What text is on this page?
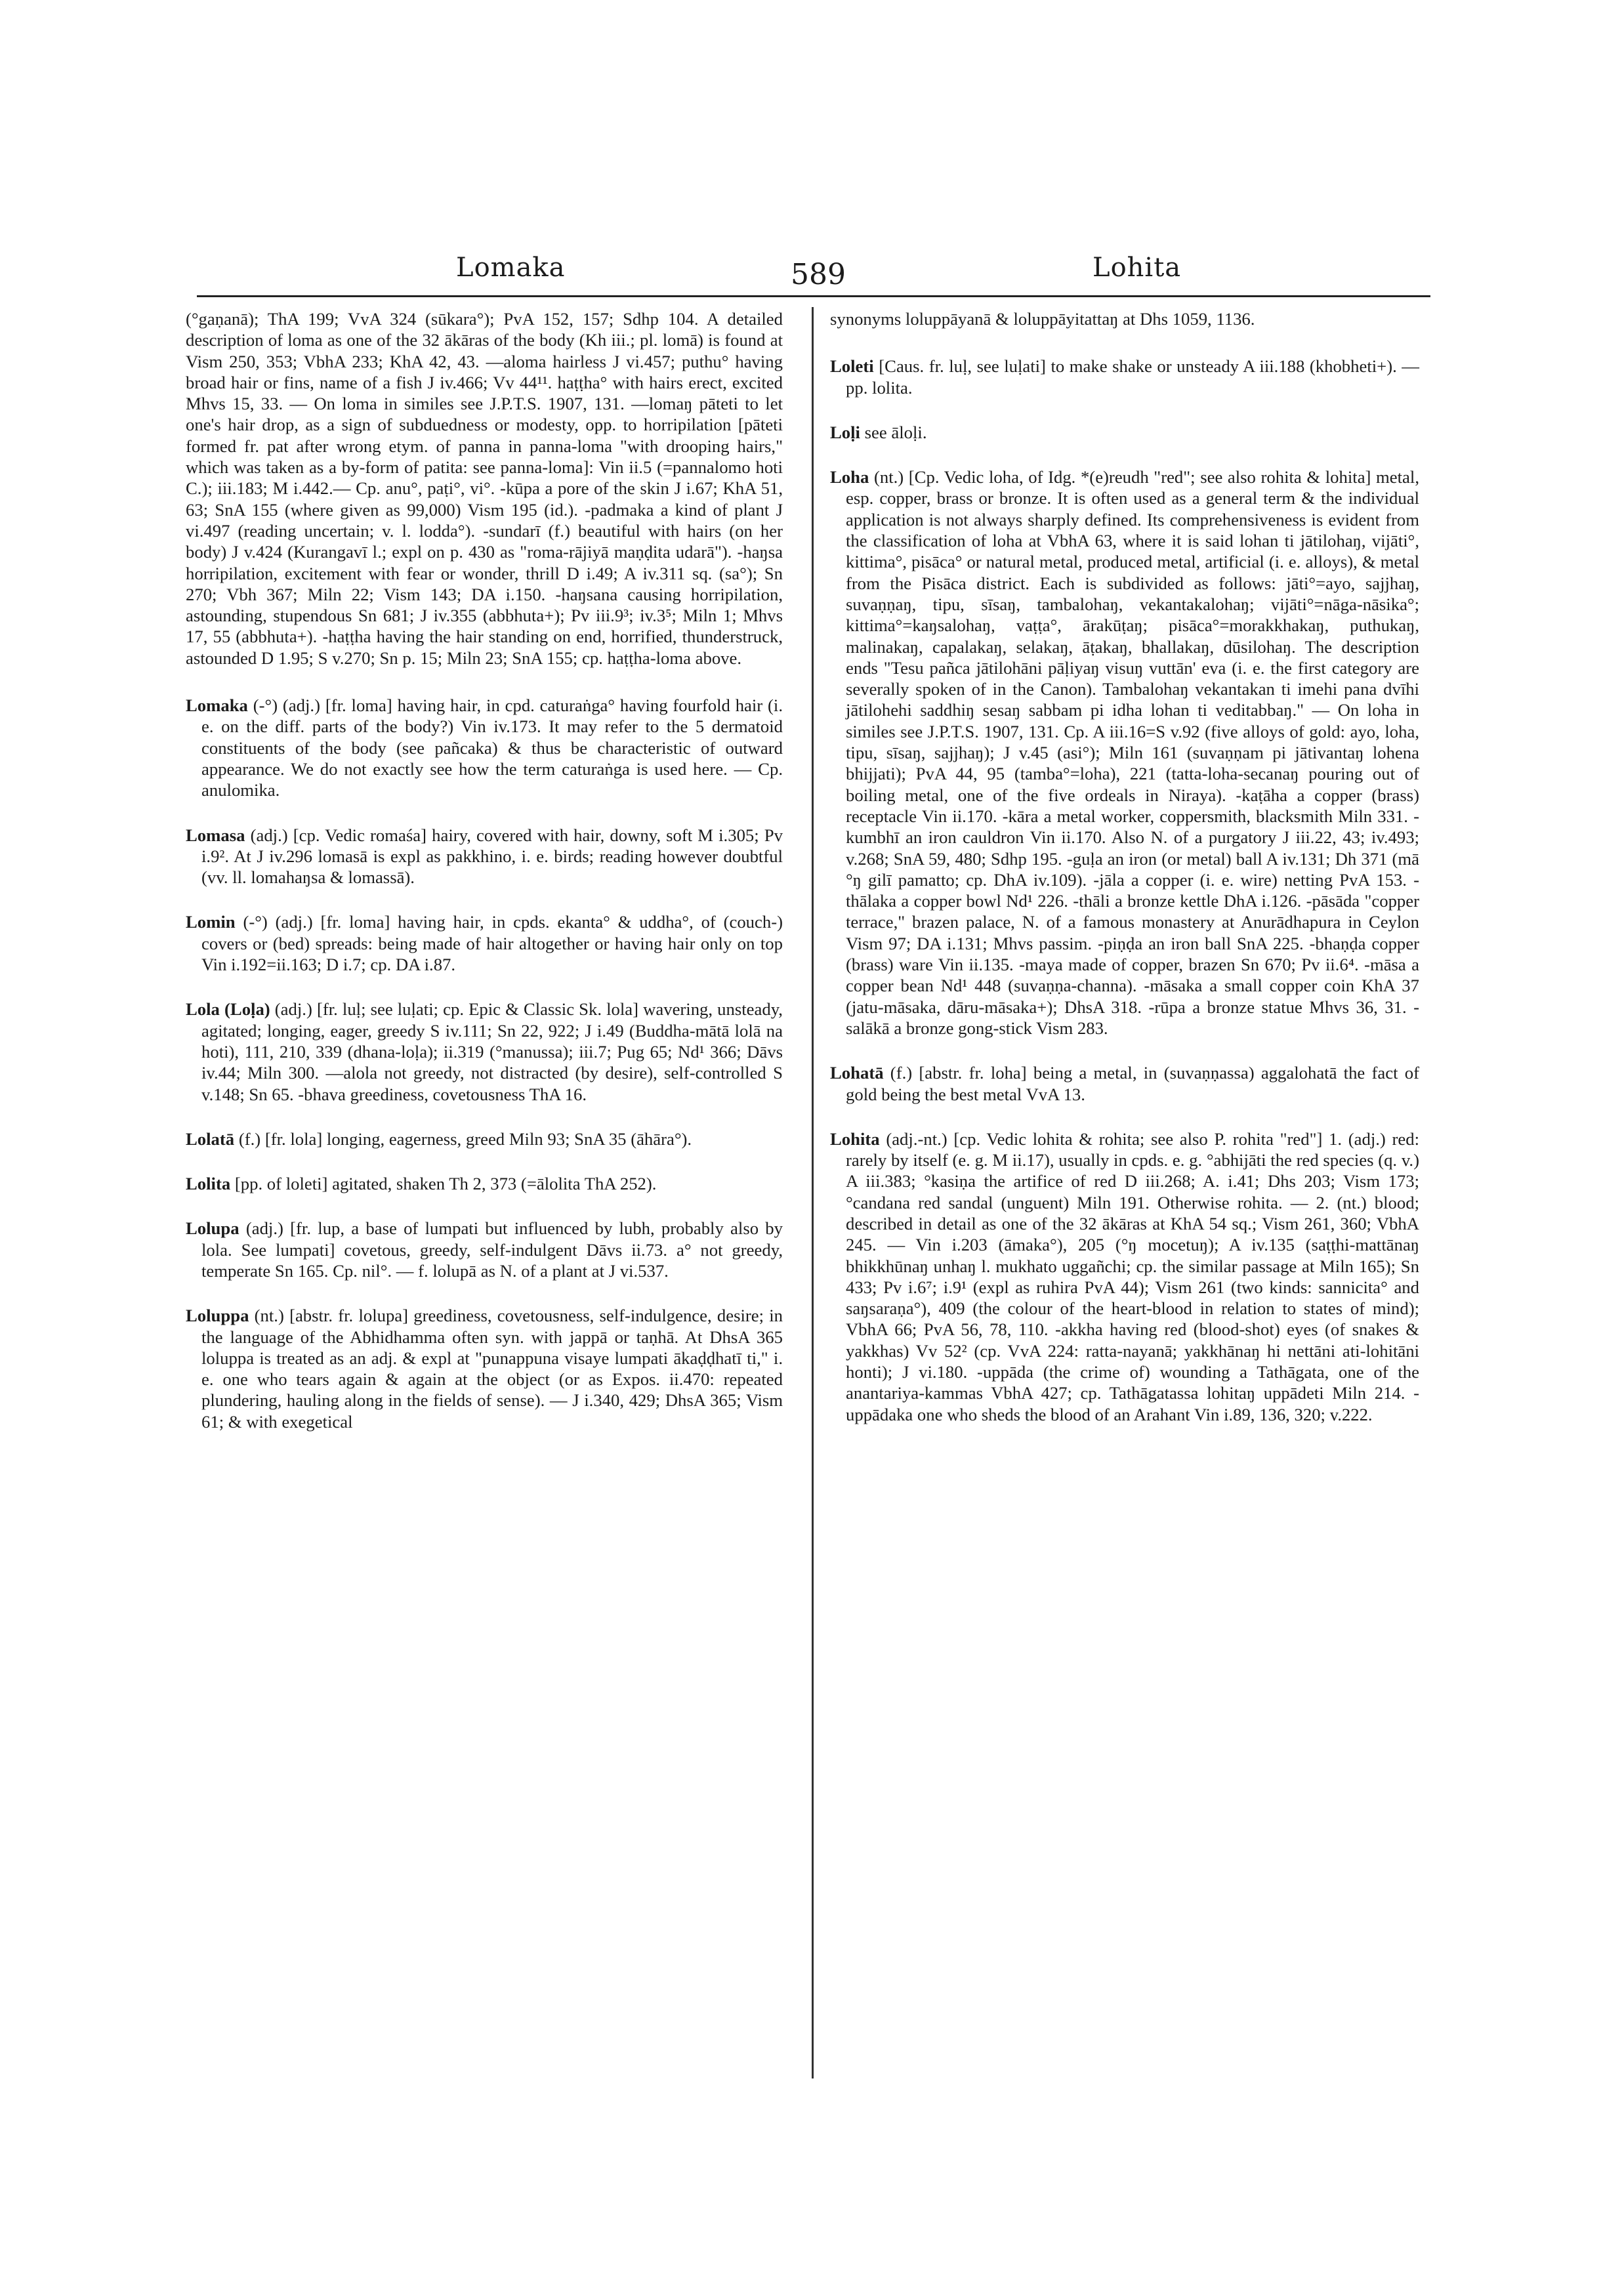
Lomaka	589	Lohita

(°gaṇanā); ThA 199; VvA 324 (sūkara°); PvA 152, 157; Sdhp 104. A detailed description of loma as one of the 32 ākāras of the body (Kh iii.; pl. lomā) is found at Vism 250, 353; VbhA 233; KhA 42, 43. —aloma hairless J vi.457; puthu° having broad hair or fins, name of a fish J iv.466; Vv 44¹¹. haṭṭha° with hairs erect, excited Mhvs 15, 33. — On loma in similes see J.P.T.S. 1907, 131. —lomaŋ pāteti to let one's hair drop, as a sign of subduedness or modesty, opp. to horripilation [pāteti formed fr. pat after wrong etym. of panna in panna-loma "with drooping hairs," which was taken as a by-form of patita: see panna-loma]: Vin ii.5 (=pannalomo hoti C.); iii.183; M i.442.— Cp. anu°, paṭi°, vi°. -kūpa a pore of the skin J i.67; KhA 51, 63; SnA 155 (where given as 99,000) Vism 195 (id.). -padmaka a kind of plant J vi.497 (reading uncertain; v. l. lodda°). -sundarī (f.) beautiful with hairs (on her body) J v.424 (Kurangavī l.; expl on p. 430 as "roma-rājiyā maṇḍita udarā"). -haŋsa horripilation, excitement with fear or wonder, thrill D i.49; A iv.311 sq. (sa°); Sn 270; Vbh 367; Miln 22; Vism 143; DA i.150. -haŋsana causing horripilation, astounding, stupendous Sn 681; J iv.355 (abbhuta+); Pv iii.9³; iv.3⁵; Miln 1; Mhvs 17, 55 (abbhuta+). -haṭṭha having the hair standing on end, horrified, thunderstruck, astounded D 1.95; S v.270; Sn p. 15; Miln 23; SnA 155; cp. haṭṭha-loma above.

Lomaka (-°) (adj.) [fr. loma] having hair, in cpd. caturaṅga° having fourfold hair (i. e. on the diff. parts of the body?) Vin iv.173. It may refer to the 5 dermatoid constituents of the body (see pañcaka) & thus be characteristic of outward appearance. We do not exactly see how the term caturaṅga is used here. — Cp. anulomika.

Lomasa (adj.) [cp. Vedic romaśa] hairy, covered with hair, downy, soft M i.305; Pv i.9². At J iv.296 lomasā is expl as pakkhino, i. e. birds; reading however doubtful (vv. ll. lomahaŋsa & lomassā).

Lomin (-°) (adj.) [fr. loma] having hair, in cpds. ekanta° & uddha°, of (couch-) covers or (bed) spreads: being made of hair altogether or having hair only on top Vin i.192=ii.163; D i.7; cp. DA i.87.

Lola (Loḷa) (adj.) [fr. luḷ; see luḷati; cp. Epic & Classic Sk. lola] wavering, unsteady, agitated; longing, eager, greedy S iv.111; Sn 22, 922; J i.49 (Buddha-mātā lolā na hoti), 111, 210, 339 (dhana-loḷa); ii.319 (°manussa); iii.7; Pug 65; Nd¹ 366; Dāvs iv.44; Miln 300. —alola not greedy, not distracted (by desire), self-controlled S v.148; Sn 65. -bhava greediness, covetousness ThA 16.

Lolatā (f.) [fr. lola] longing, eagerness, greed Miln 93; SnA 35 (āhāra°).

Lolita [pp. of loleti] agitated, shaken Th 2, 373 (=ālolita ThA 252).

Lolupa (adj.) [fr. lup, a base of lumpati but influenced by lubh, probably also by lola. See lumpati] covetous, greedy, self-indulgent Dāvs ii.73. a° not greedy, temperate Sn 165. Cp. nil°. — f. lolupā as N. of a plant at J vi.537.

Loluppa (nt.) [abstr. fr. lolupa] greediness, covetousness, self-indulgence, desire; in the language of the Abhidhamma often syn. with jappā or taṇhā. At DhsA 365 loluppa is treated as an adj. & expl at "punappuna visaye lumpati ākaḍḍhatī ti," i. e. one who tears again & again at the object (or as Expos. ii.470: repeated plundering, hauling along in the fields of sense). — J i.340, 429; DhsA 365; Vism 61; & with exegetical

synonyms loluppāyanā & loluppāyitattaŋ at Dhs 1059, 1136.

Loleti [Caus. fr. luḷ, see luḷati] to make shake or unsteady A iii.188 (khobheti+). — pp. lolita.

Loḷi see āloḷi.

Loha (nt.) [Cp. Vedic loha, of Idg. *(e)reudh "red"; see also rohita & lohita] metal, esp. copper, brass or bronze. It is often used as a general term & the individual application is not always sharply defined. Its comprehensiveness is evident from the classification of loha at VbhA 63, where it is said lohan ti jātilohaŋ, vijāti°, kittima°, pisāca° or natural metal, produced metal, artificial (i. e. alloys), & metal from the Pisāca district. Each is subdivided as follows: jāti°=ayo, sajjhaŋ, suvaṇṇaŋ, tipu, sīsaŋ, tambalohaŋ, vekantakalohaŋ; vijāti°=nāga-nāsika°; kittima°=kaŋsalohaŋ, vaṭṭa°, ārakūṭaŋ; pisāca°=morakkhakaŋ, puthukaŋ, malinakaŋ, capalakaŋ, selakaŋ, āṭakaŋ, bhallakaŋ, dūsilohaŋ. The description ends "Tesu pañca jātilohāni pāḷiyaŋ visuŋ vuttān' eva (i. e. the first category are severally spoken of in the Canon). Tambalohaŋ vekantakan ti imehi pana dvīhi jātilohehi saddhiŋ sesaŋ sabbam pi idha lohan ti veditabbaŋ." — On loha in similes see J.P.T.S. 1907, 131. Cp. A iii.16=S v.92 (five alloys of gold: ayo, loha, tipu, sīsaŋ, sajjhaŋ); J v.45 (asi°); Miln 161 (suvaṇṇam pi jātivantaŋ lohena bhijjati); PvA 44, 95 (tamba°=loha), 221 (tatta-loha-secanaŋ pouring out of boiling metal, one of the five ordeals in Niraya). -kaṭāha a copper (brass) receptacle Vin ii.170. -kāra a metal worker, coppersmith, blacksmith Miln 331. -kumbhī an iron cauldron Vin ii.170. Also N. of a purgatory J iii.22, 43; iv.493; v.268; SnA 59, 480; Sdhp 195. -guḷa an iron (or metal) ball A iv.131; Dh 371 (mā °ŋ gilī pamatto; cp. DhA iv.109). -jāla a copper (i. e. wire) netting PvA 153. -thālaka a copper bowl Nd¹ 226. -thāli a bronze kettle DhA i.126. -pāsāda "copper terrace," brazen palace, N. of a famous monastery at Anurādhapura in Ceylon Vism 97; DA i.131; Mhvs passim. -piṇḍa an iron ball SnA 225. -bhaṇḍa copper (brass) ware Vin ii.135. -maya made of copper, brazen Sn 670; Pv ii.6⁴. -māsa a copper bean Nd¹ 448 (suvaṇṇa-channa). -māsaka a small copper coin KhA 37 (jatu-māsaka, dāru-māsaka+); DhsA 318. -rūpa a bronze statue Mhvs 36, 31. -salākā a bronze gong-stick Vism 283.

Lohatā (f.) [abstr. fr. loha] being a metal, in (suvaṇṇassa) aggalohatā the fact of gold being the best metal VvA 13.

Lohita (adj.-nt.) [cp. Vedic lohita & rohita; see also P. rohita "red"] 1. (adj.) red: rarely by itself (e. g. M ii.17), usually in cpds. e. g. °abhijāti the red species (q. v.) A iii.383; °kasiṇa the artifice of red D iii.268; A. i.41; Dhs 203; Vism 173; °candana red sandal (unguent) Miln 191. Otherwise rohita. — 2. (nt.) blood; described in detail as one of the 32 ākāras at KhA 54 sq.; Vism 261, 360; VbhA 245. — Vin i.203 (āmaka°), 205 (°ŋ mocetuŋ); A iv.135 (saṭṭhi-mattānaŋ bhikkhūnaŋ unhaŋ l. mukhato uggañchi; cp. the similar passage at Miln 165); Sn 433; Pv i.6⁷; i.9¹ (expl as ruhira PvA 44); Vism 261 (two kinds: sannicita° and saŋsaraṇa°), 409 (the colour of the heart-blood in relation to states of mind); VbhA 66; PvA 56, 78, 110. -akkha having red (blood-shot) eyes (of snakes & yakkhas) Vv 52² (cp. VvA 224: ratta-nayanā; yakkhānaŋ hi nettāni ati-lohitāni honti); J vi.180. -uppāda (the crime of) wounding a Tathāgata, one of the anantariya-kammas VbhA 427; cp. Tathāgatassa lohitaŋ uppādeti Miln 214. -uppādaka one who sheds the blood of an Arahant Vin i.89, 136, 320; v.222.
